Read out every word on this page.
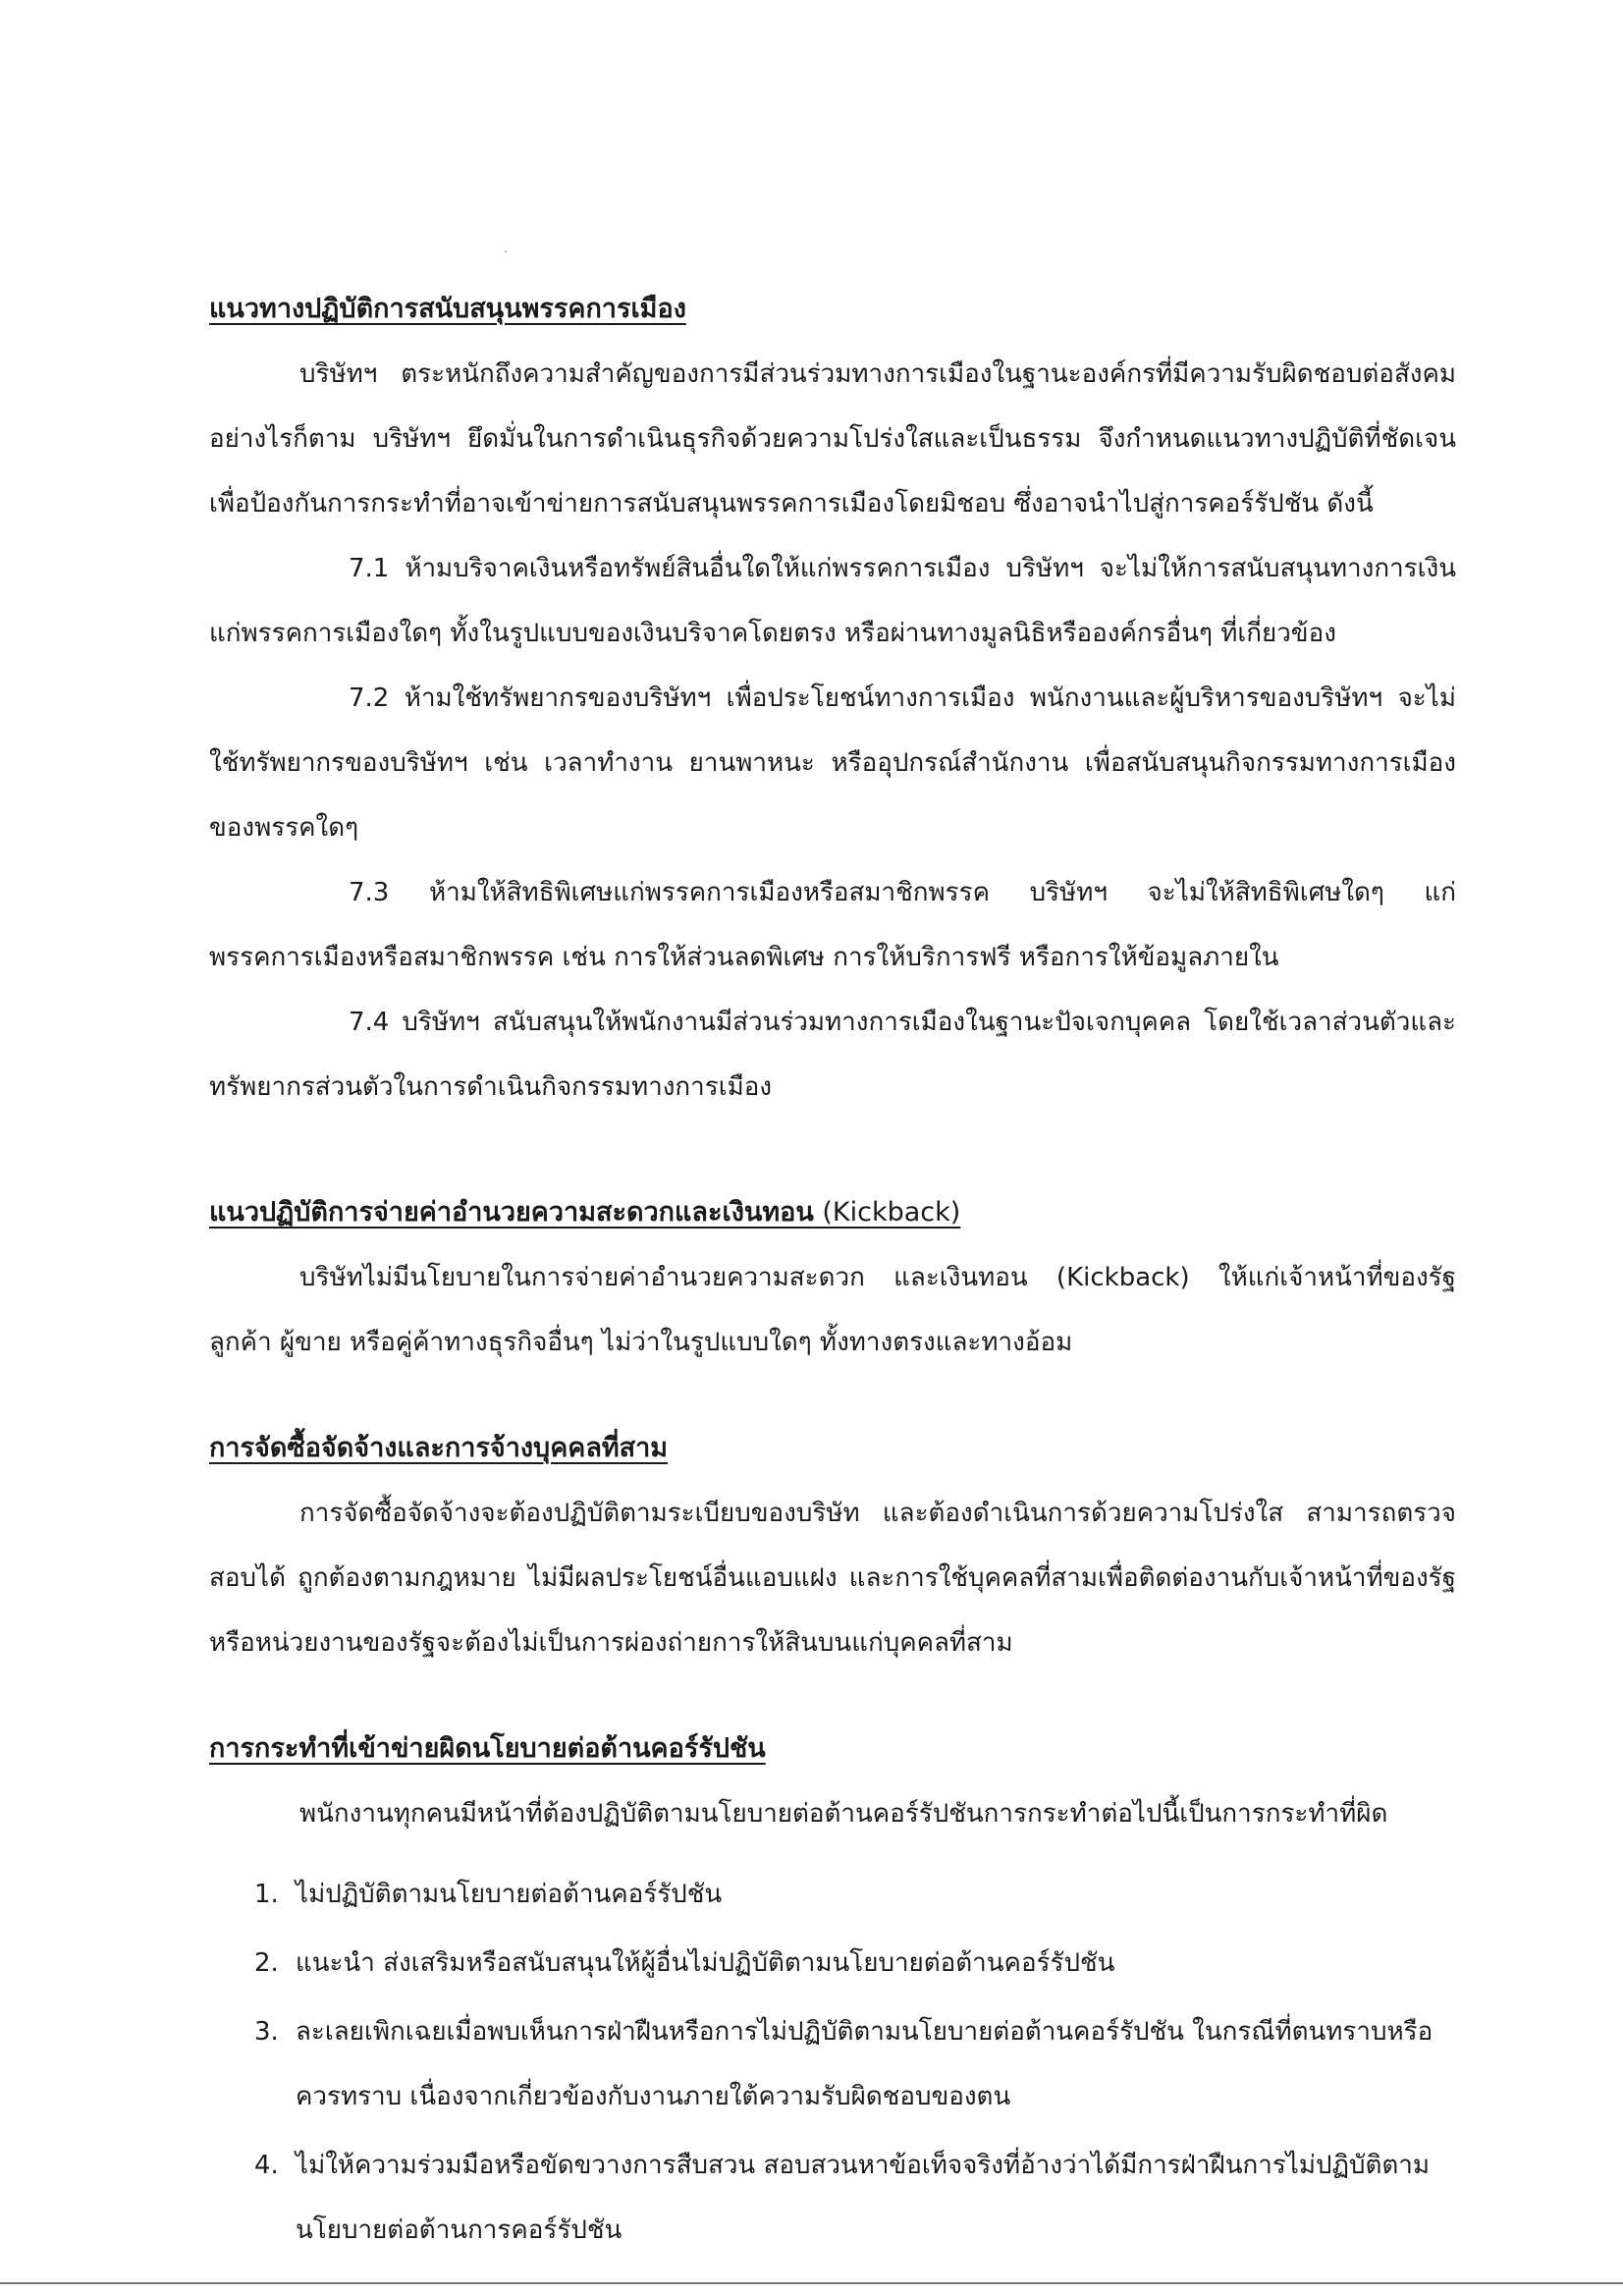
แนวทางปฏิบัติการสนับสนุนพรรคการเมือง

บริษัทฯ ตระหนักถึงความสำคัญของการมีส่วนร่วมทางการเมืองในฐานะองค์กรที่มีความรับผิดชอบต่อสังคม อย่างไรก็ตาม บริษัทฯ ยึดมั่นในการดำเนินธุรกิจด้วยความโปร่งใสและเป็นธรรม จึงกำหนดแนวทางปฏิบัติที่ชัดเจนเพื่อป้องกันการกระทำที่อาจเข้าข่ายการสนับสนุนพรรคการเมืองโดยมิชอบ ซึ่งอาจนำไปสู่การคอร์รัปชัน ดังนี้

7.1 ห้ามบริจาคเงินหรือทรัพย์สินอื่นใดให้แก่พรรคการเมือง บริษัทฯ จะไม่ให้การสนับสนุนทางการเงินแก่พรรคการเมืองใดๆ ทั้งในรูปแบบของเงินบริจาคโดยตรง หรือผ่านทางมูลนิธิหรือองค์กรอื่นๆ ที่เกี่ยวข้อง

7.2 ห้ามใช้ทรัพยากรของบริษัทฯ เพื่อประโยชน์ทางการเมือง พนักงานและผู้บริหารของบริษัทฯ จะไม่ใช้ทรัพยากรของบริษัทฯ เช่น เวลาทำงาน ยานพาหนะ หรืออุปกรณ์สำนักงาน เพื่อสนับสนุนกิจกรรมทางการเมืองของพรรคใดๆ

7.3 ห้ามให้สิทธิพิเศษแก่พรรคการเมืองหรือสมาชิกพรรค บริษัทฯ จะไม่ให้สิทธิพิเศษใดๆ แก่พรรคการเมืองหรือสมาชิกพรรค เช่น การให้ส่วนลดพิเศษ การให้บริการฟรี หรือการให้ข้อมูลภายใน

7.4 บริษัทฯ สนับสนุนให้พนักงานมีส่วนร่วมทางการเมืองในฐานะปัจเจกบุคคล โดยใช้เวลาส่วนตัวและทรัพยากรส่วนตัวในการดำเนินกิจกรรมทางการเมือง

แนวปฏิบัติการจ่ายค่าอำนวยความสะดวกและเงินทอน (Kickback)

บริษัทไม่มีนโยบายในการจ่ายค่าอำนวยความสะดวก และเงินทอน (Kickback) ให้แก่เจ้าหน้าที่ของรัฐ ลูกค้า ผู้ขาย หรือคู่ค้าทางธุรกิจอื่นๆ ไม่ว่าในรูปแบบใดๆ ทั้งทางตรงและทางอ้อม

การจัดซื้อจัดจ้างและการจ้างบุคคลที่สาม

การจัดซื้อจัดจ้างจะต้องปฏิบัติตามระเบียบของบริษัท และต้องดำเนินการด้วยความโปร่งใส สามารถตรวจสอบได้ ถูกต้องตามกฎหมาย ไม่มีผลประโยชน์อื่นแอบแฝง และการใช้บุคคลที่สามเพื่อติดต่องานกับเจ้าหน้าที่ของรัฐหรือหน่วยงานของรัฐจะต้องไม่เป็นการผ่องถ่ายการให้สินบนแก่บุคคลที่สาม

การกระทำที่เข้าข่ายผิดนโยบายต่อต้านคอร์รัปชัน

พนักงานทุกคนมีหน้าที่ต้องปฏิบัติตามนโยบายต่อต้านคอร์รัปชันการกระทำต่อไปนี้เป็นการกระทำที่ผิด

1. ไม่ปฏิบัติตามนโยบายต่อต้านคอร์รัปชัน
2. แนะนำ ส่งเสริมหรือสนับสนุนให้ผู้อื่นไม่ปฏิบัติตามนโยบายต่อต้านคอร์รัปชัน
3. ละเลยเพิกเฉยเมื่อพบเห็นการฝ่าฝืนหรือการไม่ปฏิบัติตามนโยบายต่อต้านคอร์รัปชัน ในกรณีที่ตนทราบหรือควรทราบ เนื่องจากเกี่ยวข้องกับงานภายใต้ความรับผิดชอบของตน
4. ไม่ให้ความร่วมมือหรือขัดขวางการสืบสวน สอบสวนหาข้อเท็จจริงที่อ้างว่าได้มีการฝ่าฝืนการไม่ปฏิบัติตามนโยบายต่อต้านการคอร์รัปชัน
